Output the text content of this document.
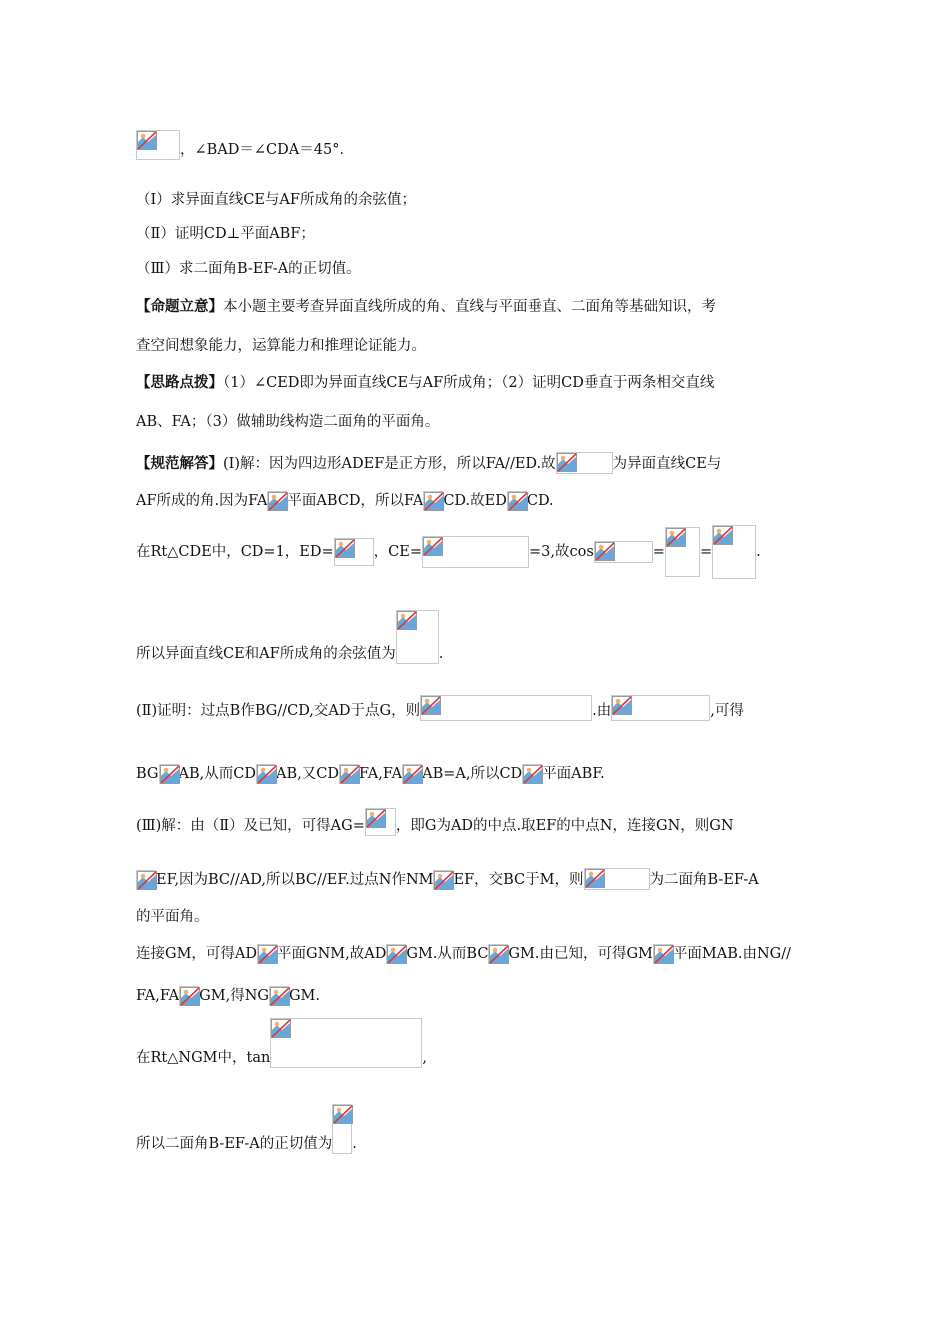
，∠BAD＝∠CDA＝45°．
（Ⅰ）求异面直线CE与AF所成角的余弦值；
（Ⅱ）证明CD⊥平面ABF；
（Ⅲ）求二面角B-EF-A的正切值。
【命题立意】本小题主要考查异面直线所成的角、直线与平面垂直、二面角等基础知识，考
查空间想象能力，运算能力和推理论证能力。
【思路点拨】（1）∠CED即为异面直线CE与AF所成角；（2）证明CD垂直于两条相交直线
AB、FA；（3）做辅助线构造二面角的平面角。
【规范解答】(I)解：因为四边形ADEF是正方形，所以FA//ED.故	为异面直线CE与
AF所成的角.因为FA 平面ABCD，所以FA CD.故ED CD.
在Rt△CDE中，CD=1，ED=	，CE=	=3,故cos	= =	.
所以异面直线CE和AF所成角的余弦值为	.
(Ⅱ)证明：过点B作BG//CD,交AD于点G，则	.由	,可得
BG AB,从而CD AB,又CD FA,FA AB=A,所以CD 平面ABF.
(Ⅲ)解：由（Ⅱ）及已知，可得AG= ，即G为AD的中点.取EF的中点N，连接GN，则GN
EF,因为BC//AD,所以BC//EF.过点N作NM EF，交BC于M，则	为二面角B-EF-A
的平面角。
连接GM，可得AD 平面GNM,故AD GM.从而BC GM.由已知，可得GM 平面MAB.由NG//
FA,FA GM,得NG GM.
在Rt△NGM中，tan	,
所以二面角B-EF-A的正切值为 .
